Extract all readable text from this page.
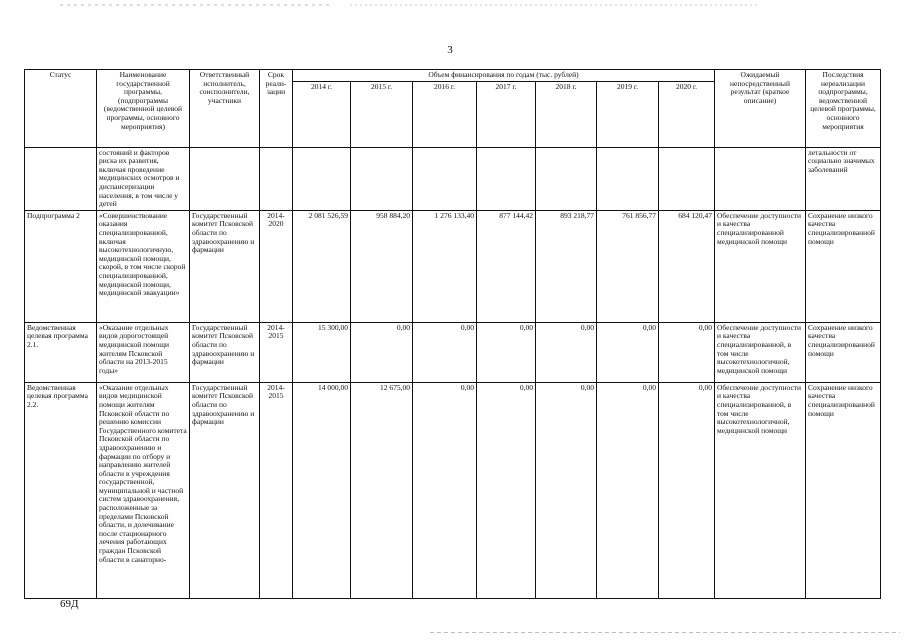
3
Статус	Наименование государственной программы, (подпрограммы (ведомственной целевой программы, основного мероприятия)	Ответственный исполнитель, соисполнители, участники	Срок реали-зации	Объем финансирования по годам (тыс. рублей)							Ожидаемый непосредственный результат (краткое описание)	Последствия нереализации подпрограммы, ведомственной целевой программы, основного мероприятия
				2014 г.	2015 г.	2016 г.	2017 г.	2018 г.	2019 г.	2020 г.		
	состояний и факторов риска их развития, включая проведение медицинских осмотров и диспансеризации населения, в том числе у детей											летальности от социально значимых заболеваний
Подпрограмма 2	«Совершенствование оказания специализированной, включая высокотехнологичную, медицинской помощи, скорой, в том числе скорой специализированной, медицинской помощи, медицинской эвакуации»	Государственный комитет Псковской области по здравоохранению и фармации	2014-2020	2 081 526,59	958 884,20	1 276 133,40	877 144,42	893 218,77	761 856,77	684 120,47	Обеспечение доступности и качества специализированной медицинской помощи	Сохранение низкого качества специализированной помощи
Ведомственная целевая программа 2.1.	«Оказание отдельных видов дорогостоящей медицинской помощи жителям Псковской области на 2013-2015 годы»	Государственный комитет Псковской области по здравоохранению и фармации	2014-2015	15 300,00	0,00	0,00	0,00	0,00	0,00	0,00	Обеспечение доступности и качества специализированной, в том числе высокотехнологичной, медицинской помощи	Сохранение низкого качества специализированной помощи
Ведомственная целевая программа 2.2.	«Оказание отдельных видов медицинской помощи жителям Псковской области по решению комиссии Государственного комитета Псковской области по здравоохранению и фармации по отбору и направлению жителей области в учреждения государственной, муниципальной и частной систем здравоохранения, расположенные за пределами Псковской области, и долечивание после стационарного лечения работающих граждан Псковской области в санаторно-	Государственный комитет Псковской области по здравоохранению и фармации	2014-2015	14 000,00	12 675,00	0,00	0,00	0,00	0,00	0,00	Обеспечение доступности и качества специализированной, в том числе высокотехнологичной, медицинской помощи	Сохранение низкого качества специализированной помощи
69Д
